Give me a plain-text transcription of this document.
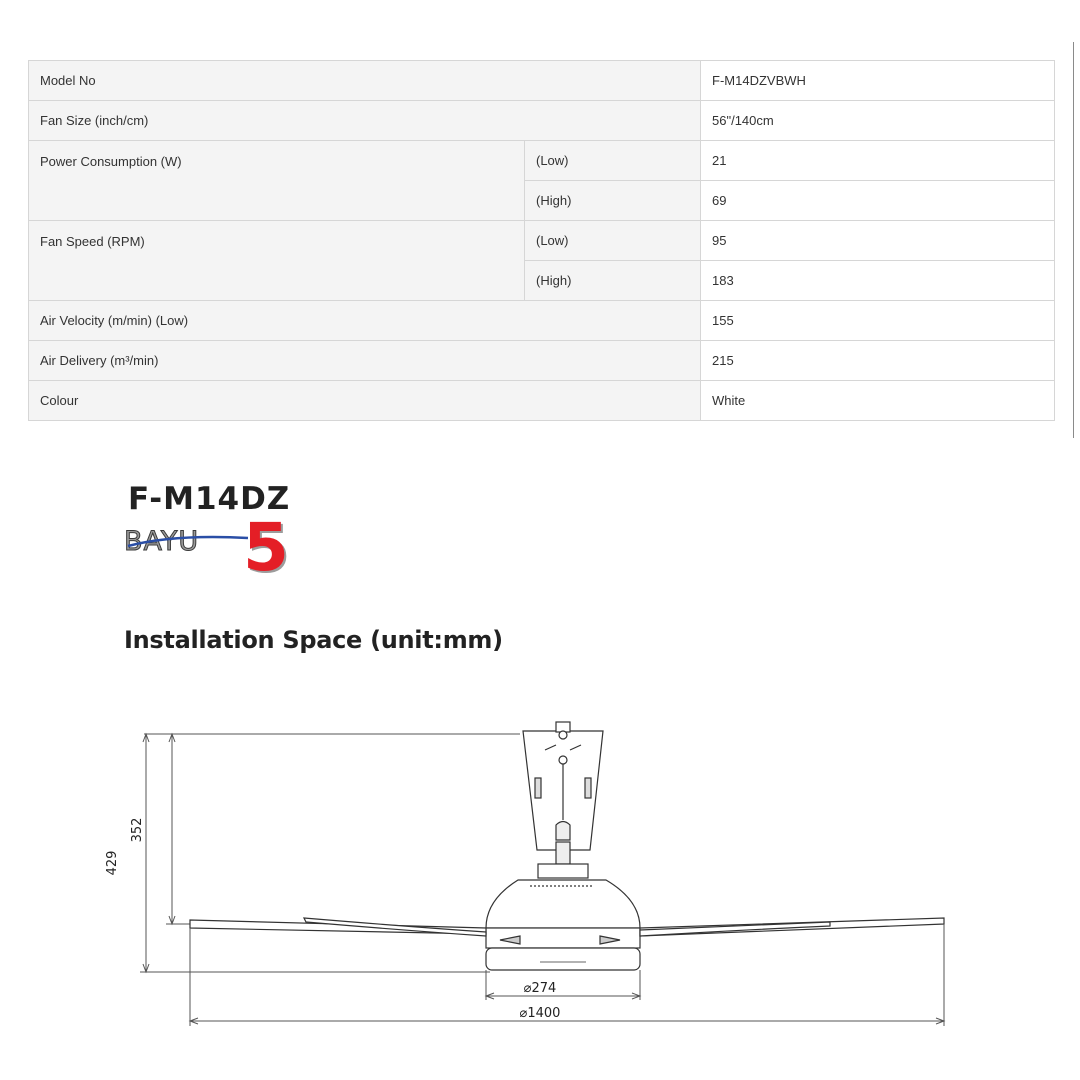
Model No		F-M14DZVBWH
Fan Size (inch/cm)		56"/140cm
Power Consumption (W)	(Low)	21
	(High)	69
Fan Speed (RPM)	(Low)	95
	(High)	183
Air Velocity (m/min) (Low)		155
Air Delivery (m³/min)		215
Colour		White
F-M14DZ
BAYU 5
Installation Space (unit:mm)
429
352
⌀274
⌀1400
